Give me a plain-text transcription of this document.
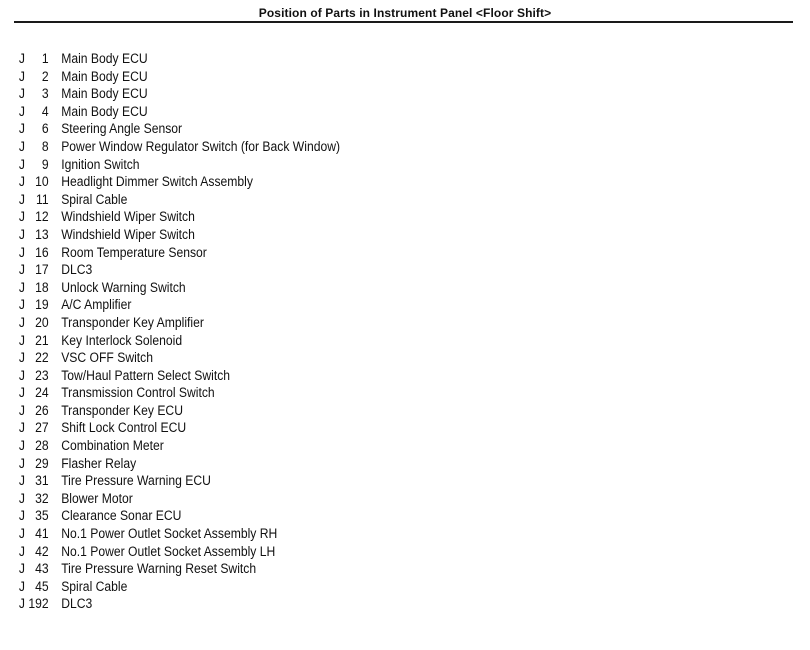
Position of Parts in Instrument Panel <Floor Shift>
J	1 Main Body ECU
J	2 Main Body ECU
J	3 Main Body ECU
J	4 Main Body ECU
J	6 Steering Angle Sensor
J	8 Power Window Regulator Switch (for Back Window)
J	9 Ignition Switch
J 10 Headlight Dimmer Switch Assembly
J 11 Spiral Cable
J 12 Windshield Wiper Switch
J 13 Windshield Wiper Switch
J 16 Room Temperature Sensor
J 17 DLC3
J 18 Unlock Warning Switch
J 19 A/C Amplifier
J 20 Transponder Key Amplifier
J 21 Key Interlock Solenoid
J 22 VSC OFF Switch
J 23 Tow/Haul Pattern Select Switch
J 24 Transmission Control Switch
J 26 Transponder Key ECU
J 27 Shift Lock Control ECU
J 28 Combination Meter
J 29 Flasher Relay
J 31 Tire Pressure Warning ECU
J 32 Blower Motor
J 35 Clearance Sonar ECU
J 41 No.1 Power Outlet Socket Assembly RH
J 42 No.1 Power Outlet Socket Assembly LH
J 43 Tire Pressure Warning Reset Switch
J 45 Spiral Cable
J 192 DLC3
